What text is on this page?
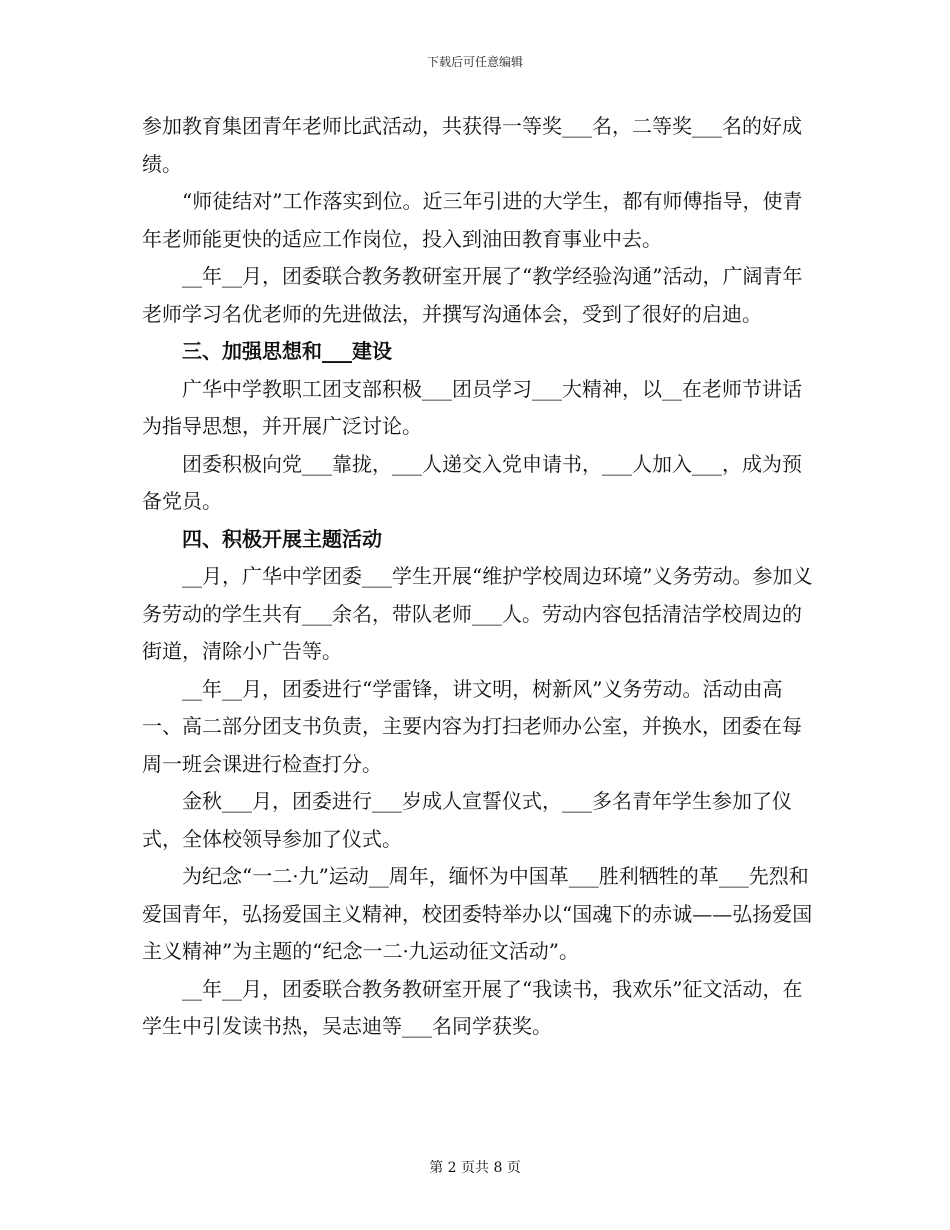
下载后可任意编辑

参加教育集团青年老师比武活动，共获得一等奖___名，二等奖___名的好成绩。

“师徒结对”工作落实到位。近三年引进的大学生，都有师傅指导，使青年老师能更快的适应工作岗位，投入到油田教育事业中去。

__年__月，团委联合教务教研室开展了“教学经验沟通”活动，广阔青年老师学习名优老师的先进做法，并撰写沟通体会，受到了很好的启迪。

三、加强思想和___建设

广华中学教职工团支部积极___团员学习___大精神，以__在老师节讲话为指导思想，并开展广泛讨论。

团委积极向党___靠拢，___人递交入党申请书，___人加入___，成为预备党员。

四、积极开展主题活动

__月，广华中学团委___学生开展“维护学校周边环境”义务劳动。参加义务劳动的学生共有___余名，带队老师___人。劳动内容包括清洁学校周边的街道，清除小广告等。

__年__月，团委进行“学雷锋，讲文明，树新风”义务劳动。活动由高一、高二部分团支书负责，主要内容为打扫老师办公室，并换水，团委在每周一班会课进行检查打分。

金秋___月，团委进行___岁成人宣誓仪式，___多名青年学生参加了仪式，全体校领导参加了仪式。

为纪念“一二·九”运动__周年，缅怀为中国革___胜利牺牲的革___先烈和爱国青年，弘扬爱国主义精神，校团委特举办以“国魂下的赤诚——弘扬爱国主义精神”为主题的“纪念一二·九运动征文活动”。

__年__月，团委联合教务教研室开展了“我读书，我欢乐”征文活动，在学生中引发读书热，吴志迪等___名同学获奖。

第 2 页共 8 页
